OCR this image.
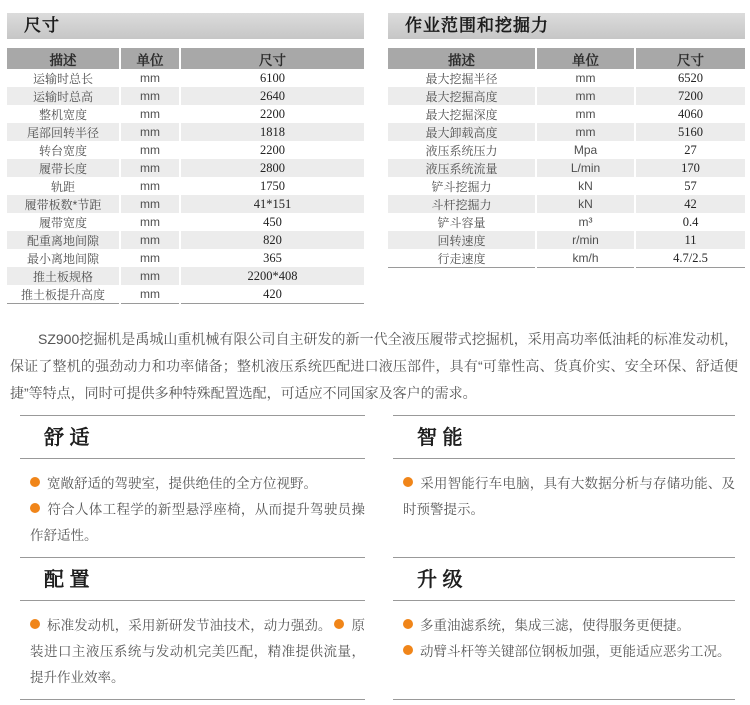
尺寸
描述	单位	尺寸
运输时总长	mm	6100
运输时总高	mm	2640
整机宽度	mm	2200
尾部回转半径	mm	1818
转台宽度	mm	2200
履带长度	mm	2800
轨距	mm	1750
履带板数*节距	mm	41*151
履带宽度	mm	450
配重离地间隙	mm	820
最小离地间隙	mm	365
推土板规格	mm	2200*408
推土板提升高度	mm	420
作业范围和挖掘力
描述	单位	尺寸
最大挖掘半径	mm	6520
最大挖掘高度	mm	7200
最大挖掘深度	mm	4060
最大卸载高度	mm	5160
液压系统压力	Mpa	27
液压系统流量	L/min	170
铲斗挖掘力	kN	57
斗杆挖掘力	kN	42
铲斗容量	m³	0.4
回转速度	r/min	11
行走速度	km/h	4.7/2.5

SZ900挖掘机是禹城山重机械有限公司自主研发的新一代全液压履带式挖掘机，采用高功率低油耗的标准发动机，保证了整机的强劲动力和功率储备；整机液压系统匹配进口液压部件，具有“可靠性高、货真价实、安全环保、舒适便捷”等特点，同时可提供多种特殊配置选配，可适应不同国家及客户的需求。

舒 适
宽敞舒适的驾驶室，提供绝佳的全方位视野。
符合人体工程学的新型悬浮座椅，从而提升驾驶员操作舒适性。
智 能
采用智能行车电脑，具有大数据分析与存储功能、及时预警提示。
配 置
标准发动机，采用新研发节油技术，动力强劲。 原装进口主液压系统与发动机完美匹配，精准提供流量，提升作业效率。
升 级
多重油滤系统，集成三滤，使得服务更便捷。
动臂斗杆等关键部位钢板加强，更能适应恶劣工况。
